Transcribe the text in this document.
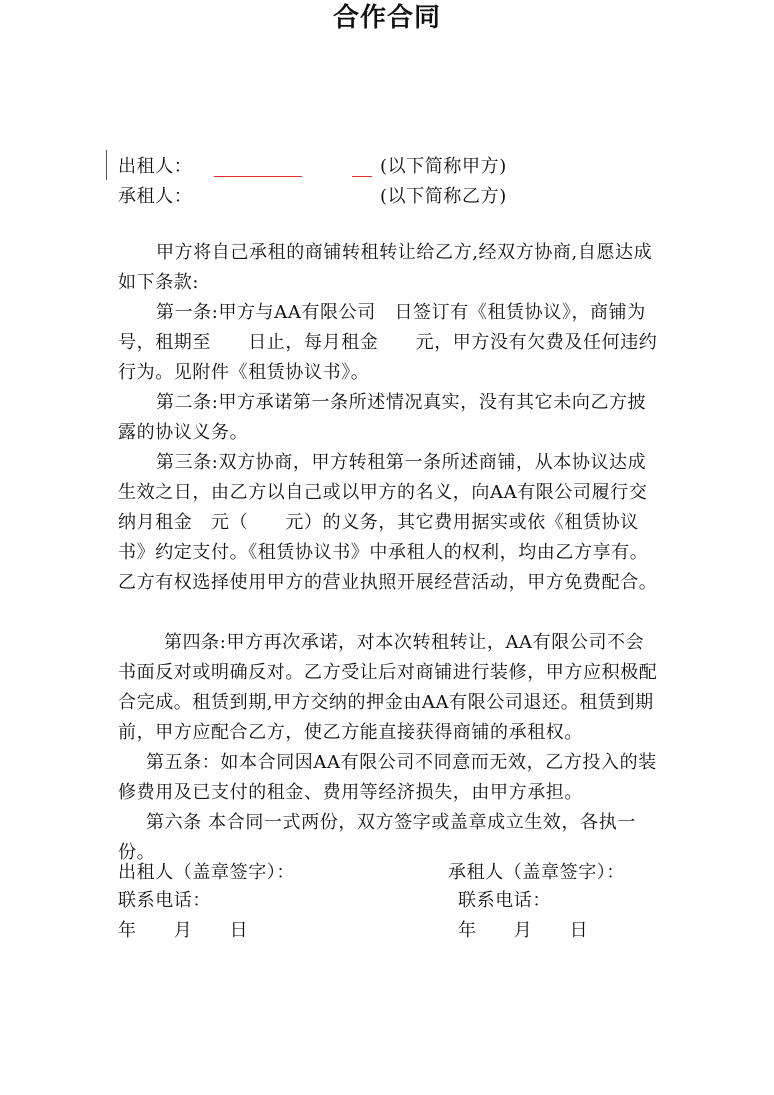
合作合同
出租人：	(以下简称甲方)
承租人：	(以下简称乙方)
甲方将自己承租的商铺转租转让给乙方,经双方协商,自愿达成如下条款:
第一条:甲方与AA有限公司　日签订有《租赁协议》，商铺为　　号，租期至　　日止，每月租金　　元，甲方没有欠费及任何违约行为。见附件《租赁协议书》。
第二条:甲方承诺第一条所述情况真实，没有其它未向乙方披露的协议义务。
第三条:双方协商，甲方转租第一条所述商铺，从本协议达成生效之日，由乙方以自己或以甲方的名义，向AA有限公司履行交纳月租金　元（　　元）的义务，其它费用据实或依《租赁协议书》约定支付。《租赁协议书》中承租人的权利，均由乙方享有。乙方有权选择使用甲方的营业执照开展经营活动，甲方免费配合。
第四条:甲方再次承诺，对本次转租转让，AA有限公司不会书面反对或明确反对。乙方受让后对商铺进行装修，甲方应积极配合完成。租赁到期,甲方交纳的押金由AA有限公司退还。租赁到期前，甲方应配合乙方，使乙方能直接获得商铺的承租权。
第五条：如本合同因AA有限公司不同意而无效，乙方投入的装修费用及已支付的租金、费用等经济损失，由甲方承担。
第六条 本合同一式两份，双方签字或盖章成立生效，各执一份。
出租人（盖章签字）：	承租人（盖章签字）：
联系电话：	联系电话：
年　　月　　日	年　　月　　日
